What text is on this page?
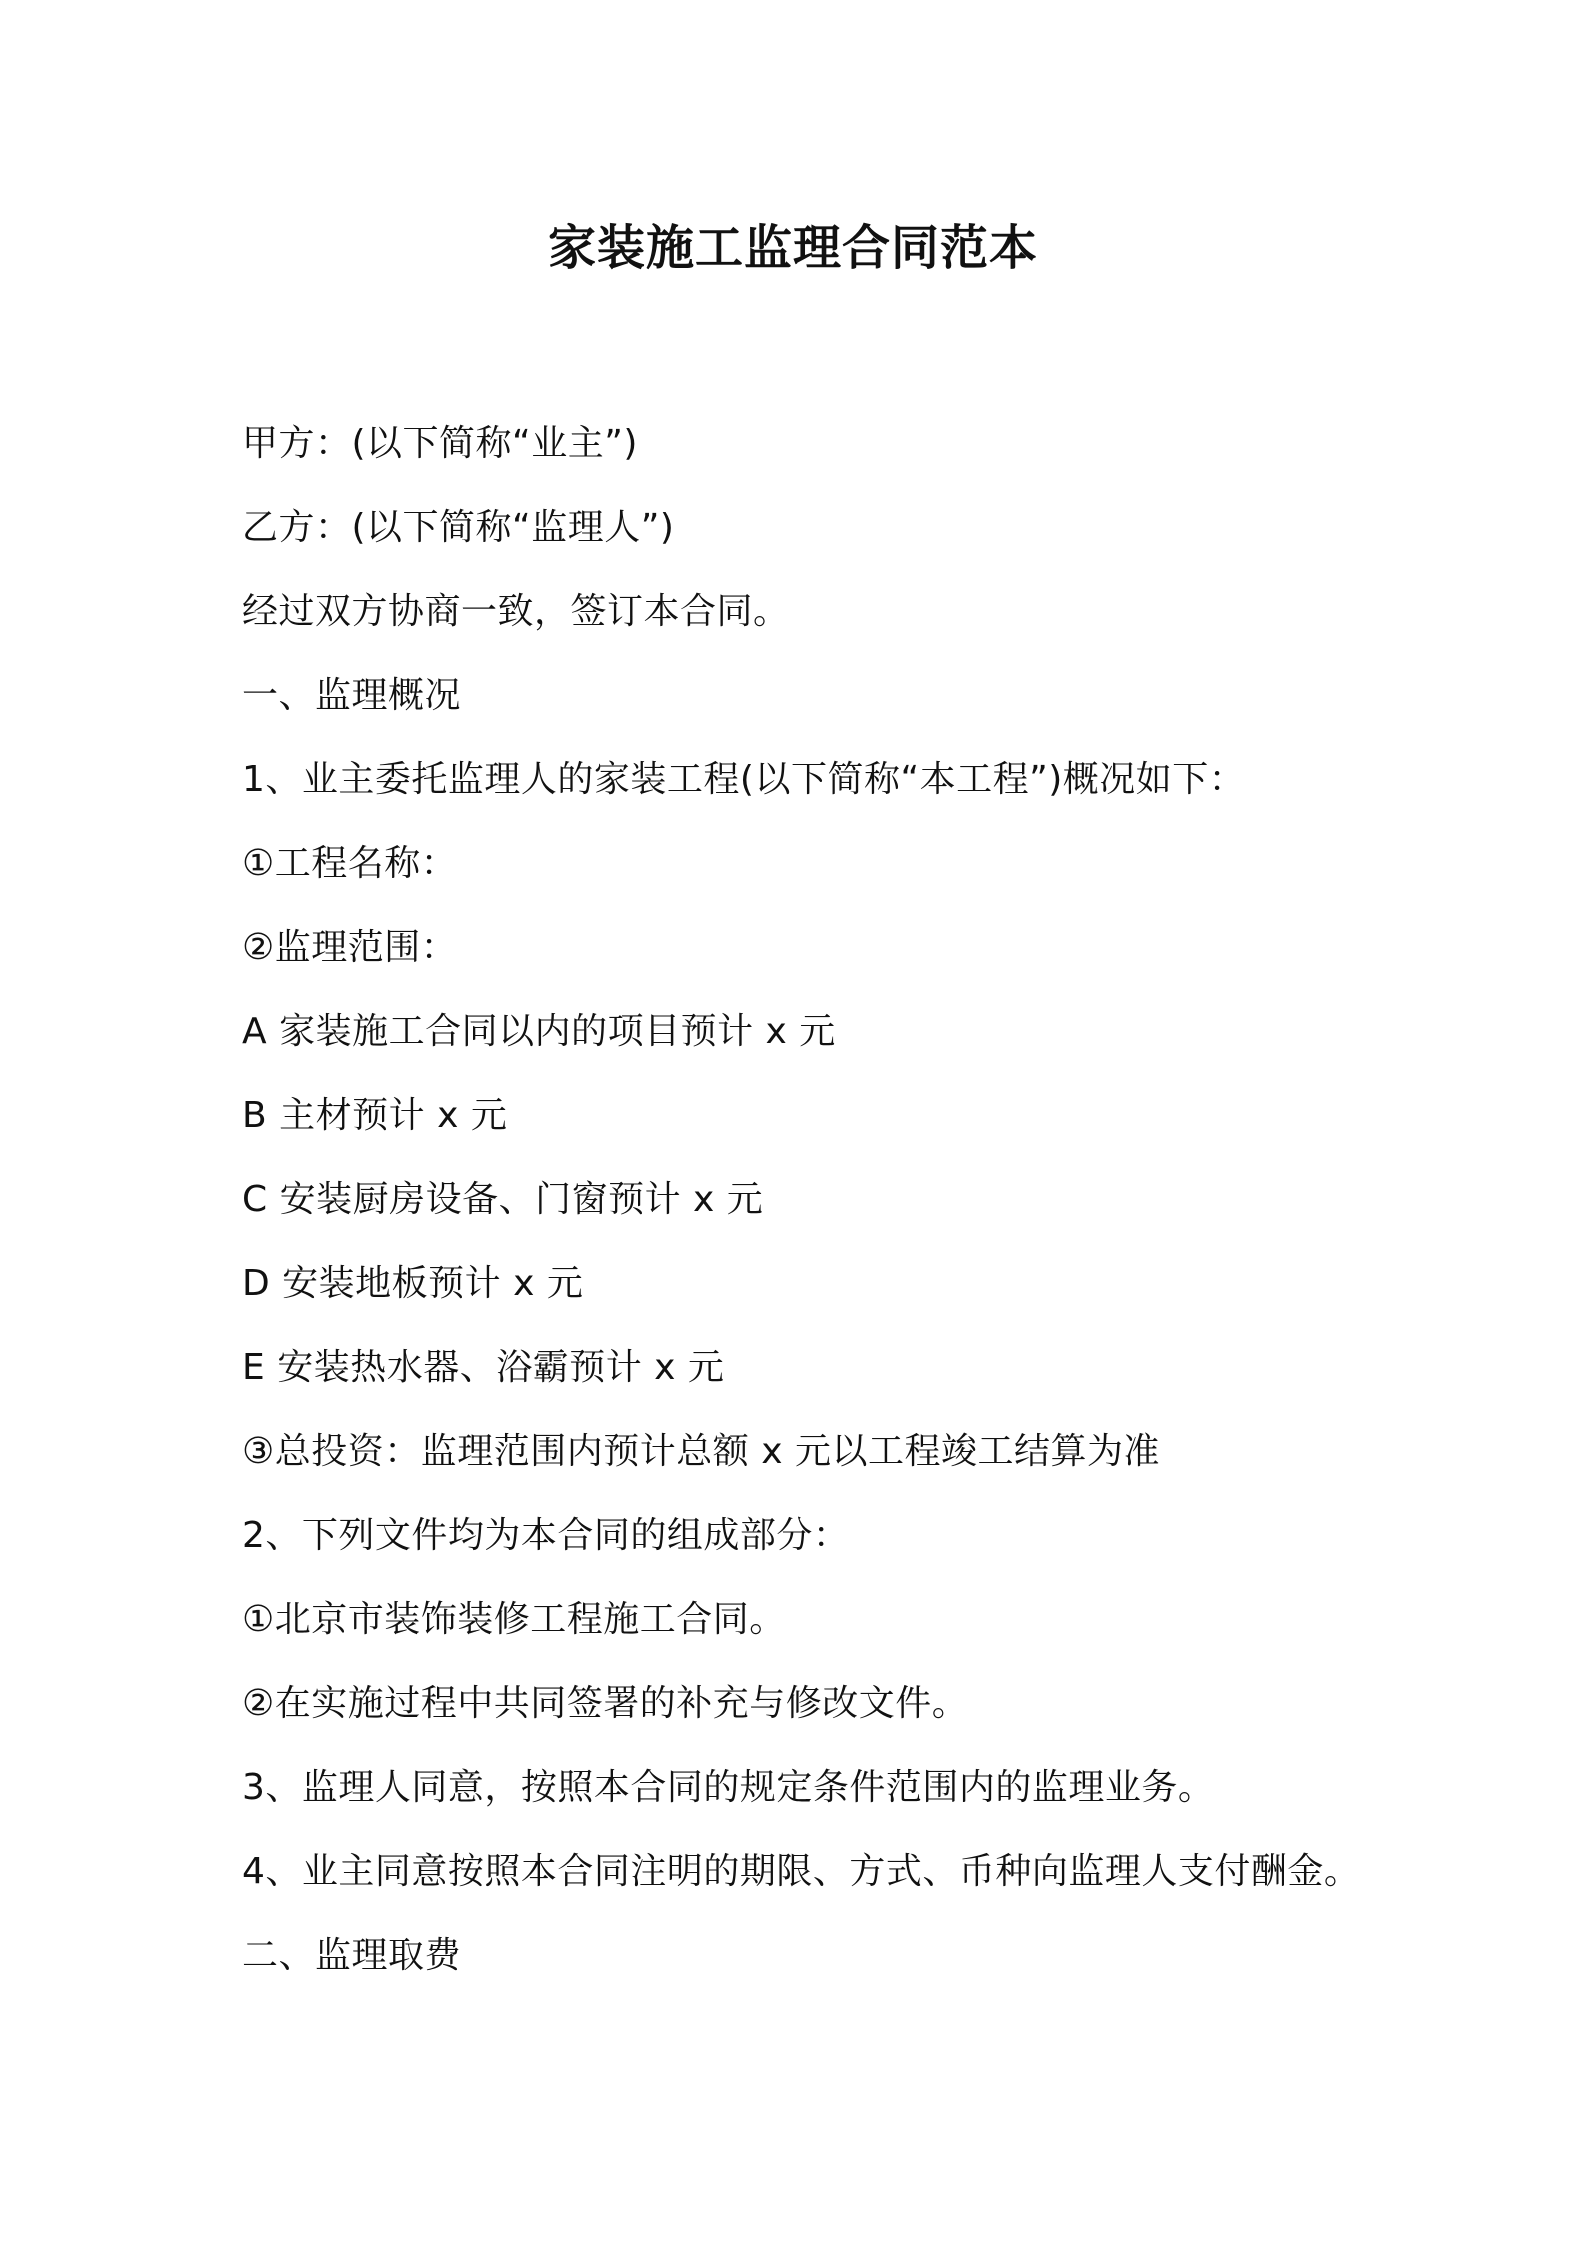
家装施工监理合同范本
甲方：(以下简称“业主”)
乙方：(以下简称“监理人”)
经过双方协商一致，签订本合同。
一、监理概况
1、业主委托监理人的家装工程(以下简称“本工程”)概况如下：
①工程名称：
②监理范围：
A 家装施工合同以内的项目预计 x 元
B 主材预计 x 元
C 安装厨房设备、门窗预计 x 元
D 安装地板预计 x 元
E 安装热水器、浴霸预计 x 元
③总投资：监理范围内预计总额 x 元以工程竣工结算为准
2、下列文件均为本合同的组成部分：
①北京市装饰装修工程施工合同。
②在实施过程中共同签署的补充与修改文件。
3、监理人同意，按照本合同的规定条件范围内的监理业务。
4、业主同意按照本合同注明的期限、方式、币种向监理人支付酬金。
二、监理取费
